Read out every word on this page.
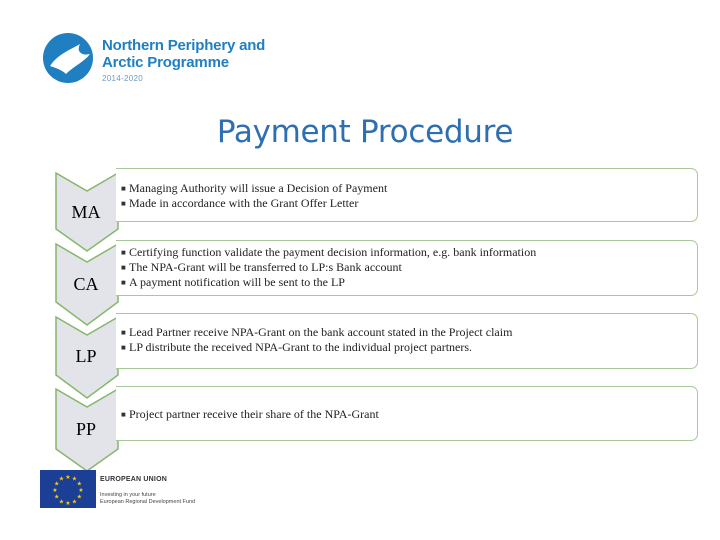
Northern Periphery and
Arctic Programme
2014-2020
Payment Procedure
MA
■ Managing Authority will issue a Decision of Payment
■ Made in accordance with the Grant Offer Letter
CA
■ Certifying function validate the payment decision information, e.g. bank information
■ The NPA-Grant will be transferred to LP:s Bank account
■ A payment notification will be sent to the LP
LP
■ Lead Partner receive NPA-Grant on the bank account stated in the Project claim
■ LP distribute the received NPA-Grant to the individual project partners.
PP
■ Project partner receive their share of the NPA-Grant
★ ★
★
★
★
★
★
★
★
★
★
★	EUROPEAN UNION
Investing in your future
European Regional Development Fund
